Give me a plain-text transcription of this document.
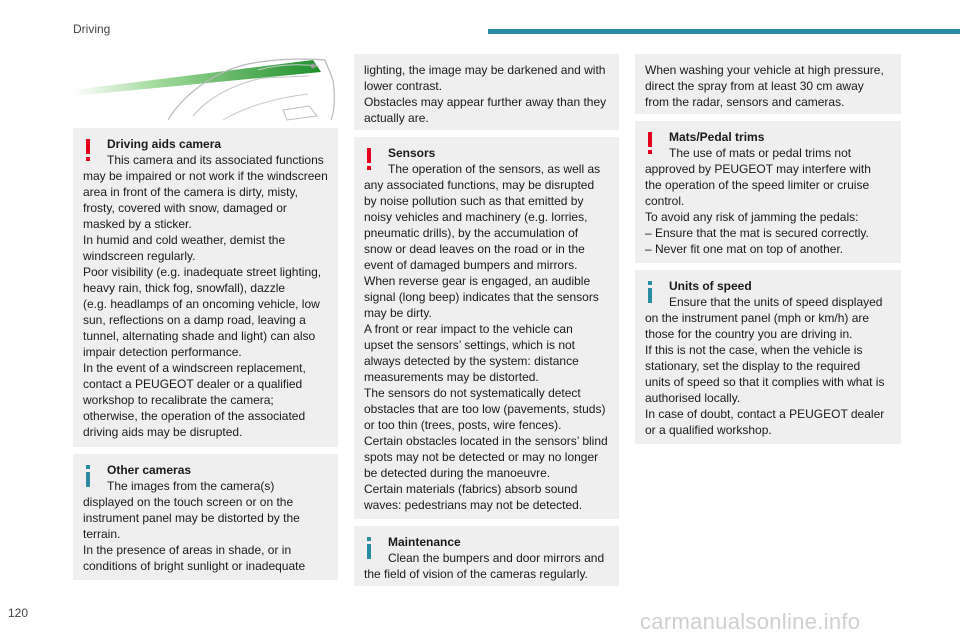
Driving

Driving aids camera

This camera and its associated functions

may be impaired or not work if the windscreen
area in front of the camera is dirty, misty,
frosty, covered with snow, damaged or
masked by a sticker.
In humid and cold weather, demist the
windscreen regularly.
Poor visibility (e.g. inadequate street lighting,
heavy rain, thick fog, snowfall), dazzle
(e.g. headlamps of an oncoming vehicle, low
sun, reflections on a damp road, leaving a
tunnel, alternating shade and light) can also
impair detection performance.
In the event of a windscreen replacement,
contact a PEUGEOT dealer or a qualified
workshop to recalibrate the camera;
otherwise, the operation of the associated
driving aids may be disrupted.

Other cameras

The images from the camera(s)

displayed on the touch screen or on the
instrument panel may be distorted by the
terrain.
In the presence of areas in shade, or in
conditions of bright sunlight or inadequate

lighting, the image may be darkened and with
lower contrast.
Obstacles may appear further away than they
actually are.

Sensors

The operation of the sensors, as well as

any associated functions, may be disrupted
by noise pollution such as that emitted by
noisy vehicles and machinery (e.g. lorries,
pneumatic drills), by the accumulation of
snow or dead leaves on the road or in the
event of damaged bumpers and mirrors.
When reverse gear is engaged, an audible
signal (long beep) indicates that the sensors
may be dirty.
A front or rear impact to the vehicle can
upset the sensors’ settings, which is not
always detected by the system: distance
measurements may be distorted.
The sensors do not systematically detect
obstacles that are too low (pavements, studs)
or too thin (trees, posts, wire fences).
Certain obstacles located in the sensors’ blind
spots may not be detected or may no longer
be detected during the manoeuvre.
Certain materials (fabrics) absorb sound
waves: pedestrians may not be detected.

Maintenance

Clean the bumpers and door mirrors and

the field of vision of the cameras regularly.

When washing your vehicle at high pressure,
direct the spray from at least 30 cm away
from the radar, sensors and cameras.

Mats/Pedal trims

The use of mats or pedal trims not

approved by PEUGEOT may interfere with
the operation of the speed limiter or cruise
control.
To avoid any risk of jamming the pedals:
– Ensure that the mat is secured correctly.
– Never fit one mat on top of another.

Units of speed

Ensure that the units of speed displayed

on the instrument panel (mph or km/h) are
those for the country you are driving in.
If this is not the case, when the vehicle is
stationary, set the display to the required
units of speed so that it complies with what is
authorised locally.
In case of doubt, contact a PEUGEOT dealer
or a qualified workshop.

120	carmanualsonline.info
